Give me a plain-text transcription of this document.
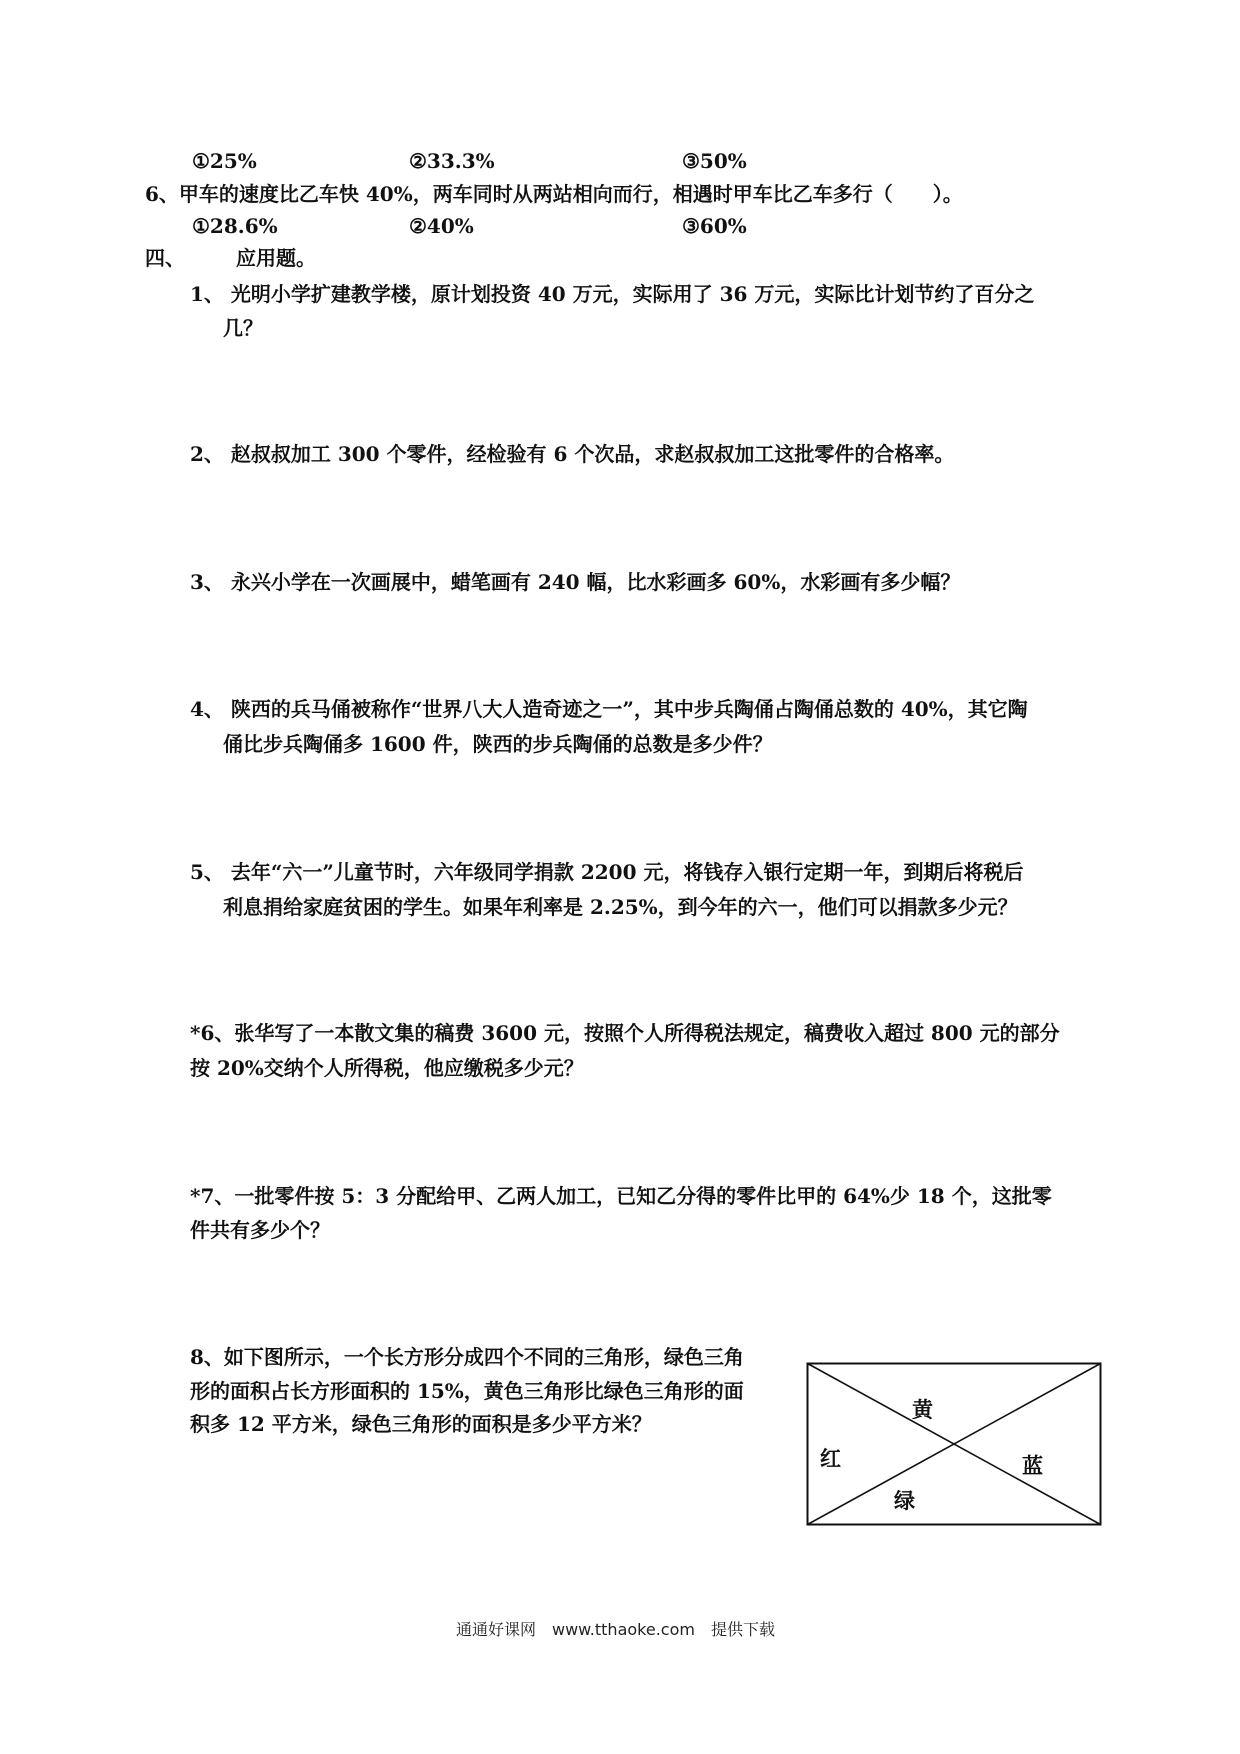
①25%	②33.3%	③50%
6、甲车的速度比乙车快 40%，两车同时从两站相向而行，相遇时甲车比乙车多行（　　）。
①28.6%	②40%	③60%
四、	应用题。
1、 光明小学扩建教学楼，原计划投资 40 万元，实际用了 36 万元，实际比计划节约了百分之
几？
2、 赵叔叔加工 300 个零件，经检验有 6 个次品，求赵叔叔加工这批零件的合格率。
3、 永兴小学在一次画展中，蜡笔画有 240 幅，比水彩画多 60%，水彩画有多少幅？
4、 陕西的兵马俑被称作“世界八大人造奇迹之一”，其中步兵陶俑占陶俑总数的 40%，其它陶
俑比步兵陶俑多 1600 件，陕西的步兵陶俑的总数是多少件？
5、 去年“六一”儿童节时，六年级同学捐款 2200 元，将钱存入银行定期一年，到期后将税后
利息捐给家庭贫困的学生。如果年利率是 2.25%，到今年的六一，他们可以捐款多少元？
*6、张华写了一本散文集的稿费 3600 元，按照个人所得税法规定，稿费收入超过 800 元的部分
按 20%交纳个人所得税，他应缴税多少元？
*7、一批零件按 5：3 分配给甲、乙两人加工，已知乙分得的零件比甲的 64%少 18 个，这批零
件共有多少个？
8、如下图所示，一个长方形分成四个不同的三角形，绿色三角
形的面积占长方形面积的 15%，黄色三角形比绿色三角形的面
积多 12 平方米，绿色三角形的面积是多少平方米？
黄
红	蓝
绿
通通好课网　www.tthaoke.com　提供下载
